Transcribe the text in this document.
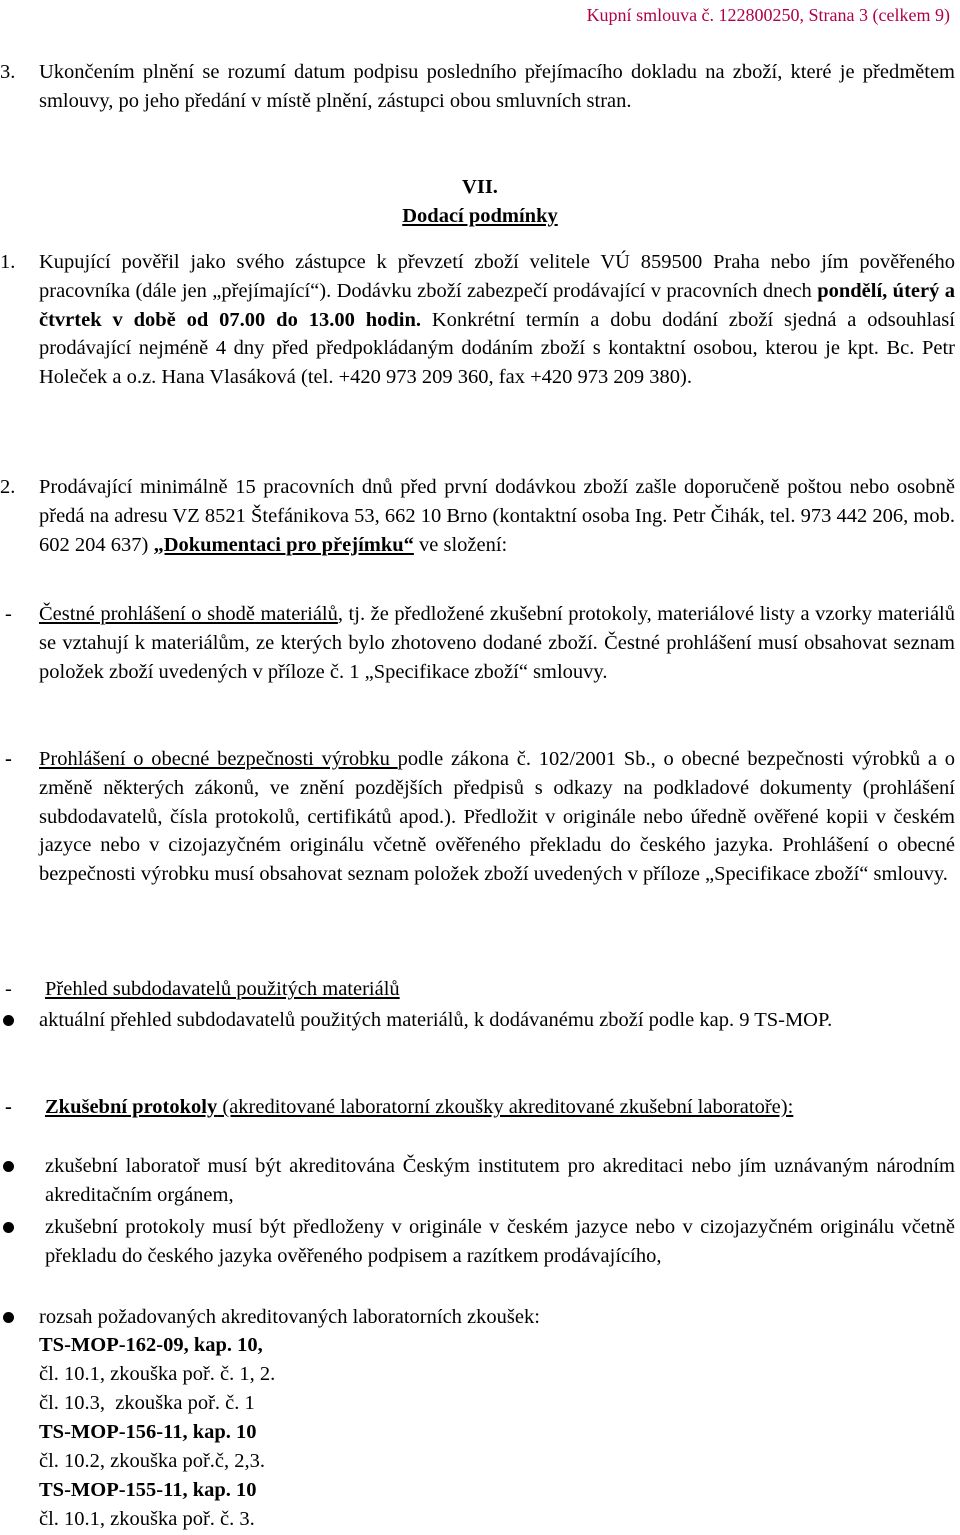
Kupní smlouva č. 122800250, Strana 3 (celkem 9)
3. Ukončením plnění se rozumí datum podpisu posledního přejímacího dokladu na zboží, které je předmětem smlouvy, po jeho předání v místě plnění, zástupci obou smluvních stran.
VII.
Dodací podmínky
1. Kupující pověřil jako svého zástupce k převzetí zboží velitele VÚ 859500 Praha nebo jím pověřeného pracovníka (dále jen „přejímající“). Dodávku zboží zabezpečí prodávající v pracovních dnech pondělí, úterý a čtvrtek v době od 07.00 do 13.00 hodin. Konkrétní termín a dobu dodání zboží sjedná a odsouhlasí prodávající nejméně 4 dny před předpokládaným dodáním zboží s kontaktní osobou, kterou je kpt. Bc. Petr Holeček a o.z. Hana Vlasáková (tel. +420 973 209 360, fax +420 973 209 380).
2. Prodávající minimálně 15 pracovních dnů před první dodávkou zboží zašle doporučeně poštou nebo osobně předá na adresu VZ 8521 Štefánikova 53, 662 10 Brno (kontaktní osoba Ing. Petr Čihák, tel. 973 442 206, mob. 602 204 637) „Dokumentaci pro přejímku“ ve složení:
- Čestné prohlášení o shodě materiálů, tj. že předložené zkušební protokoly, materiálové listy a vzorky materiálů se vztahují k materiálům, ze kterých bylo zhotoveno dodané zboží. Čestné prohlášení musí obsahovat seznam položek zboží uvedených v příloze č. 1 „Specifikace zboží“ smlouvy.
- Prohlášení o obecné bezpečnosti výrobku podle zákona č. 102/2001 Sb., o obecné bezpečnosti výrobků a o změně některých zákonů, ve znění pozdějších předpisů s odkazy na podkladové dokumenty (prohlášení subdodavatelů, čísla protokolů, certifikátů apod.). Předložit v originále nebo úředně ověřené kopii v českém jazyce nebo v cizojazyčném originálu včetně ověřeného překladu do českého jazyka. Prohlášení o obecné bezpečnosti výrobku musí obsahovat seznam položek zboží uvedených v příloze „Specifikace zboží“ smlouvy.
- Přehled subdodavatelů použitých materiálů
aktuální přehled subdodavatelů použitých materiálů, k dodávanému zboží podle kap. 9 TS-MOP.
- Zkušební protokoly (akreditované laboratorní zkoušky akreditované zkušební laboratoře):
zkušební laboratoř musí být akreditována Českým institutem pro akreditaci nebo jím uznávaným národním akreditačním orgánem,
zkušební protokoly musí být předloženy v originále v českém jazyce nebo v cizojazyčném originálu včetně překladu do českého jazyka ověřeného podpisem a razítkem prodávajícího,
rozsah požadovaných akreditovaných laboratorních zkoušek:
TS-MOP-162-09, kap. 10,
čl. 10.1, zkouška poř. č. 1, 2.
čl. 10.3,  zkouška poř. č. 1
TS-MOP-156-11, kap. 10
čl. 10.2, zkouška poř.č, 2,3.
TS-MOP-155-11, kap. 10
čl. 10.1, zkouška poř. č. 3.
